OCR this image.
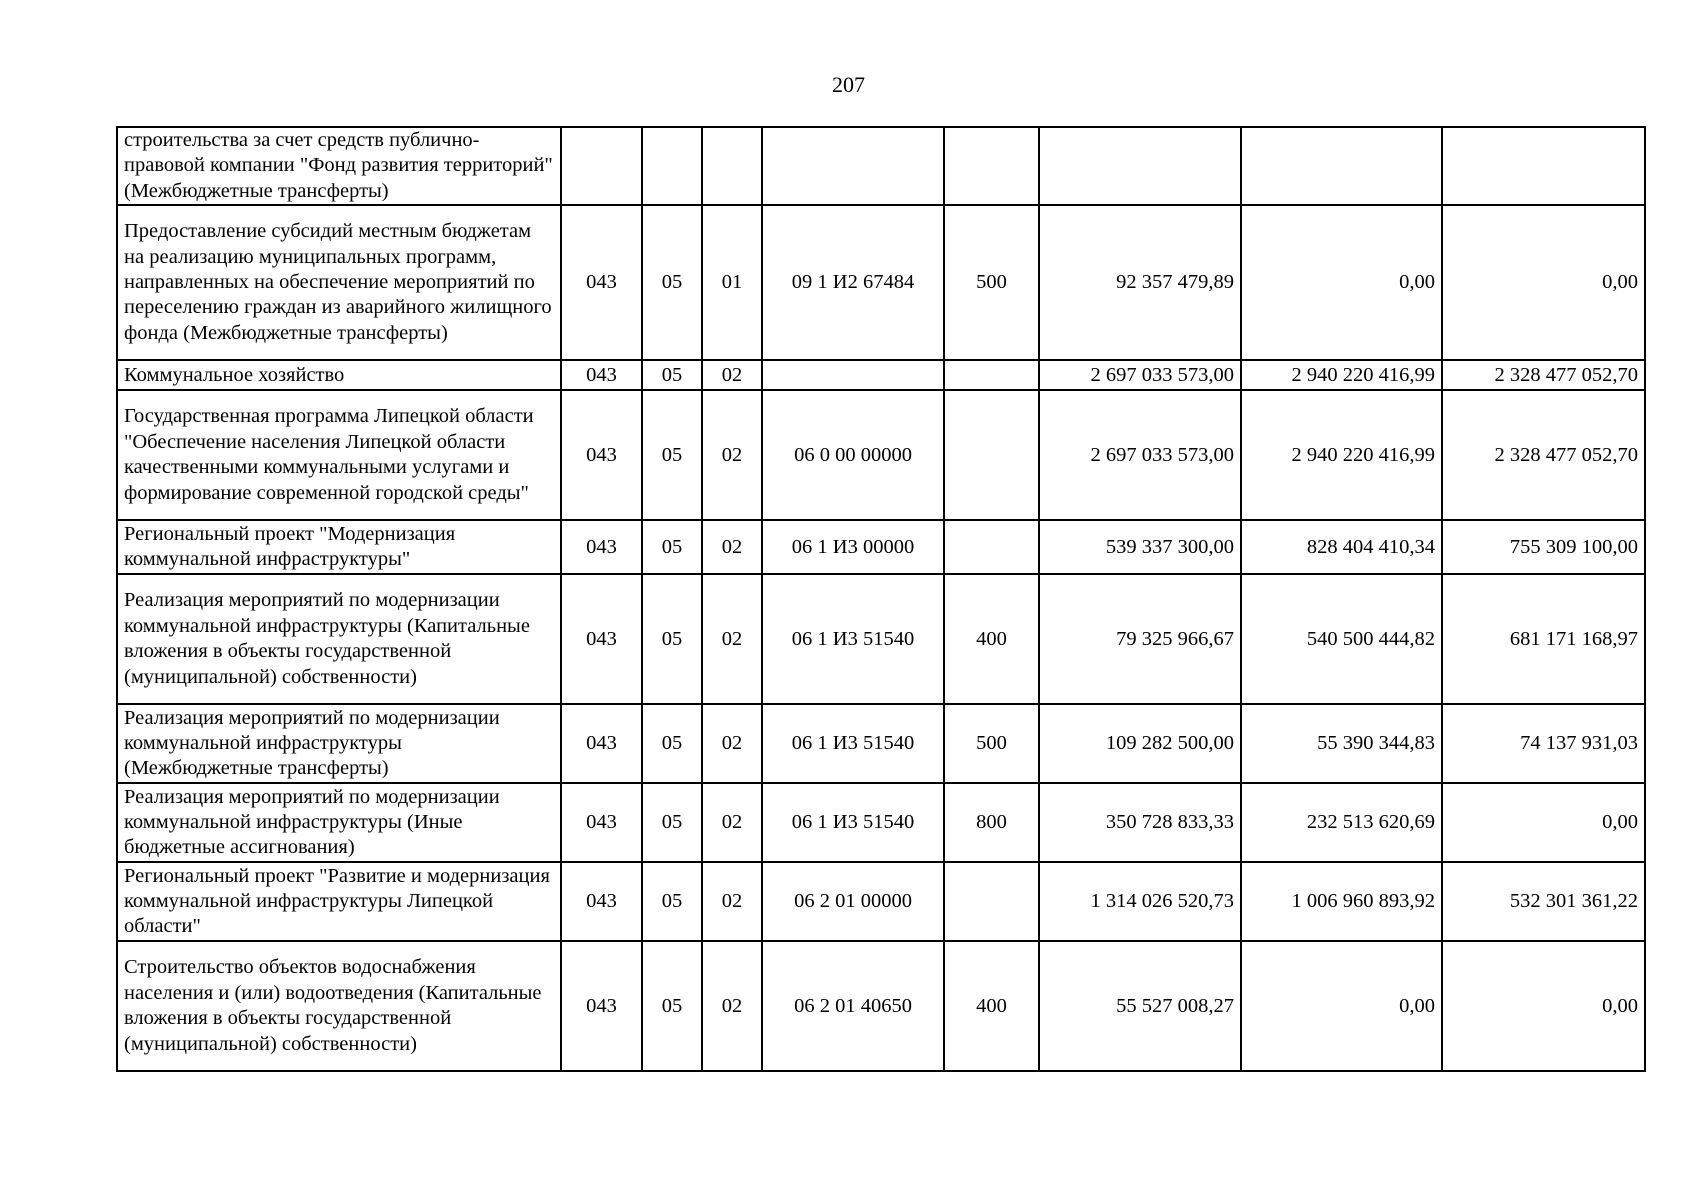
207
строительства за счет средств публично-правовой компании "Фонд развития территорий" (Межбюджетные трансферты)								
Предоставление субсидий местным бюджетам на реализацию муниципальных программ, направленных на обеспечение мероприятий по переселению граждан из аварийного жилищного фонда (Межбюджетные трансферты)	043	05	01	09 1 И2 67484	500	92 357 479,89	0,00	0,00
Коммунальное хозяйство	043	05	02			2 697 033 573,00	2 940 220 416,99	2 328 477 052,70
Государственная программа Липецкой области "Обеспечение населения Липецкой области качественными коммунальными услугами и формирование современной городской среды"	043	05	02	06 0 00 00000		2 697 033 573,00	2 940 220 416,99	2 328 477 052,70
Региональный проект "Модернизация коммунальной инфраструктуры"	043	05	02	06 1 И3 00000		539 337 300,00	828 404 410,34	755 309 100,00
Реализация мероприятий по модернизации коммунальной инфраструктуры (Капитальные вложения в объекты государственной (муниципальной) собственности)	043	05	02	06 1 И3 51540	400	79 325 966,67	540 500 444,82	681 171 168,97
Реализация мероприятий по модернизации коммунальной инфраструктуры (Межбюджетные трансферты)	043	05	02	06 1 И3 51540	500	109 282 500,00	55 390 344,83	74 137 931,03
Реализация мероприятий по модернизации коммунальной инфраструктуры (Иные бюджетные ассигнования)	043	05	02	06 1 И3 51540	800	350 728 833,33	232 513 620,69	0,00
Региональный проект "Развитие и модернизация коммунальной инфраструктуры Липецкой области"	043	05	02	06 2 01 00000		1 314 026 520,73	1 006 960 893,92	532 301 361,22
Строительство объектов водоснабжения населения и (или) водоотведения (Капитальные вложения в объекты государственной (муниципальной) собственности)	043	05	02	06 2 01 40650	400	55 527 008,27	0,00	0,00
